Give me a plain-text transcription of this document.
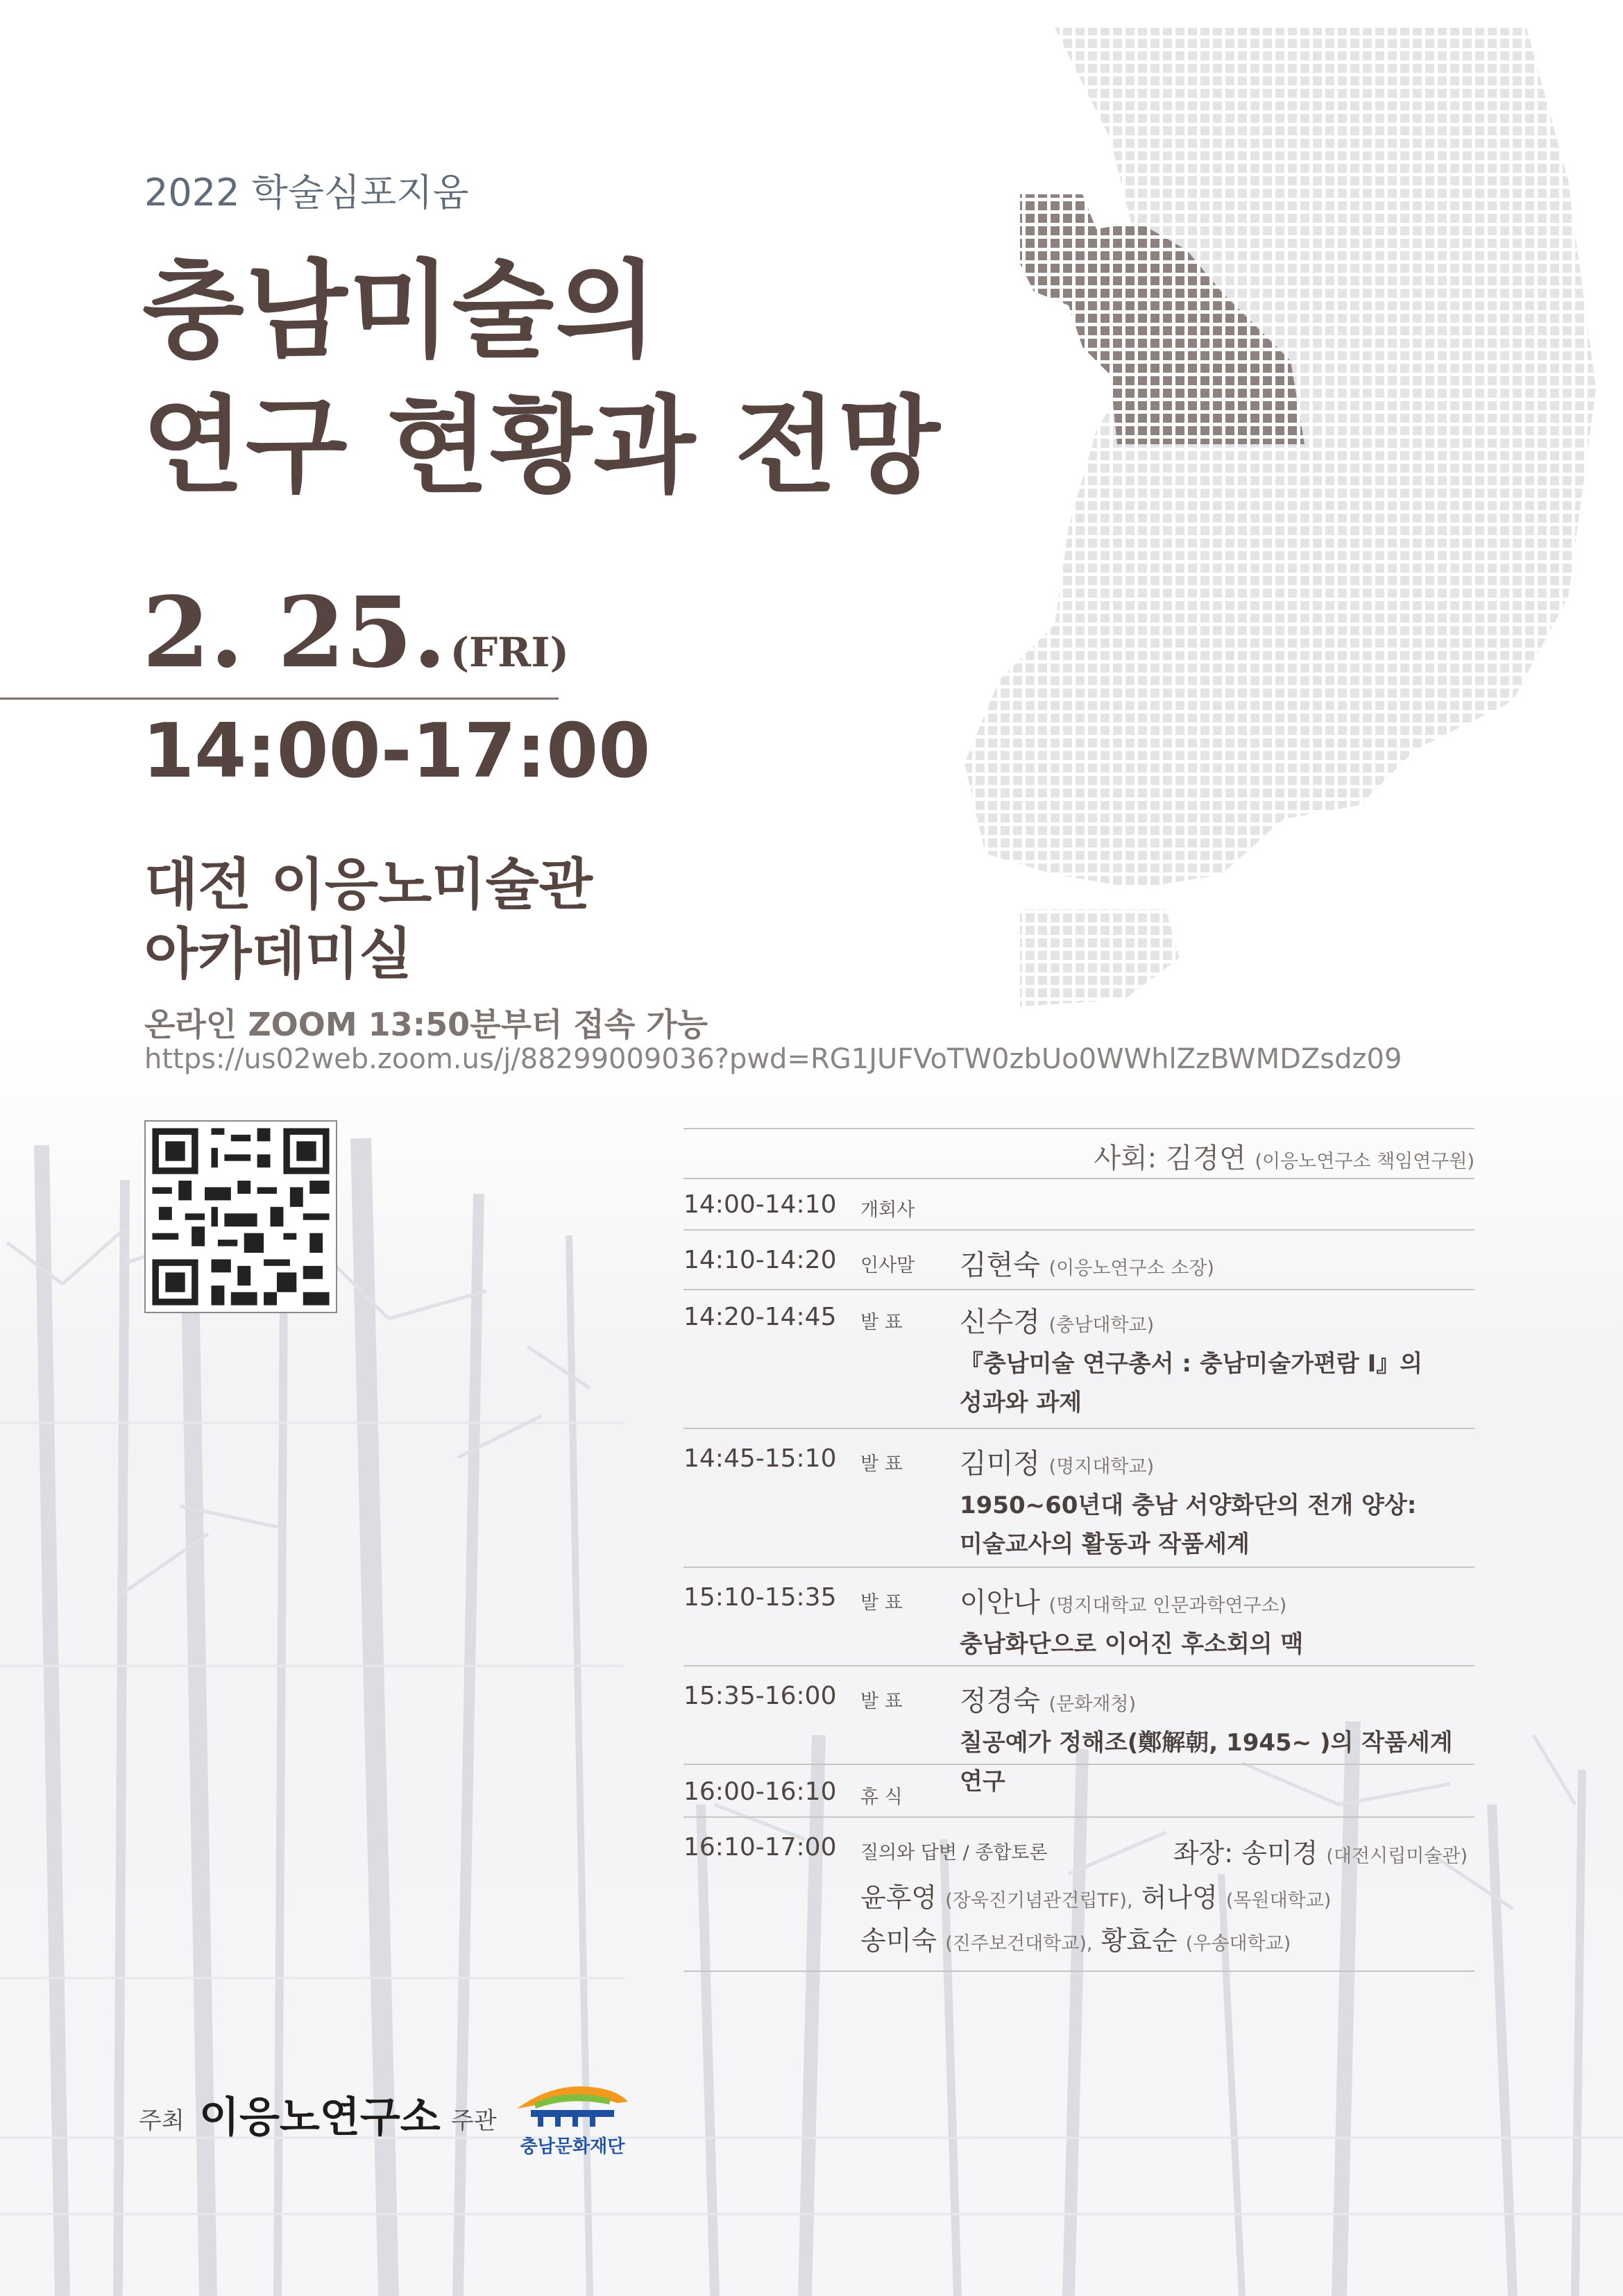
2022 학술심포지움
충남미술의
연구 현황과 전망
2. 25. (FRI)
14:00-17:00
대전 이응노미술관
아카데미실
온라인 ZOOM 13:50분부터 접속 가능
https://us02web.zoom.us/j/88299009036?pwd=RG1JUFVoTW0zbUo0WWhlZzBWMDZsdz09
사회: 김경연 (이응노연구소 책임연구원)
14:00-14:10 개회사
14:10-14:20 인사말 김현숙 (이응노연구소 소장)
14:20-14:45 발 표 신수경 (충남대학교)
『충남미술 연구총서 : 충남미술가편람 Ⅰ』의
성과와 과제
14:45-15:10 발 표 김미정 (명지대학교)
1950~60년대 충남 서양화단의 전개 양상:
미술교사의 활동과 작품세계
15:10-15:35 발 표 이안나 (명지대학교 인문과학연구소)
충남화단으로 이어진 후소회의 맥
15:35-16:00 발 표 정경숙 (문화재청)
칠공예가 정해조(鄭解朝, 1945~ )의 작품세계 연구
16:00-16:10 휴 식
16:10-17:00 질의와 답변 / 종합토론	좌장: 송미경 (대전시립미술관)
윤후영 (장욱진기념관건립TF), 허나영 (목원대학교)
송미숙 (진주보건대학교), 황효순 (우송대학교)
주최 이응노연구소 주관
충남문화재단
